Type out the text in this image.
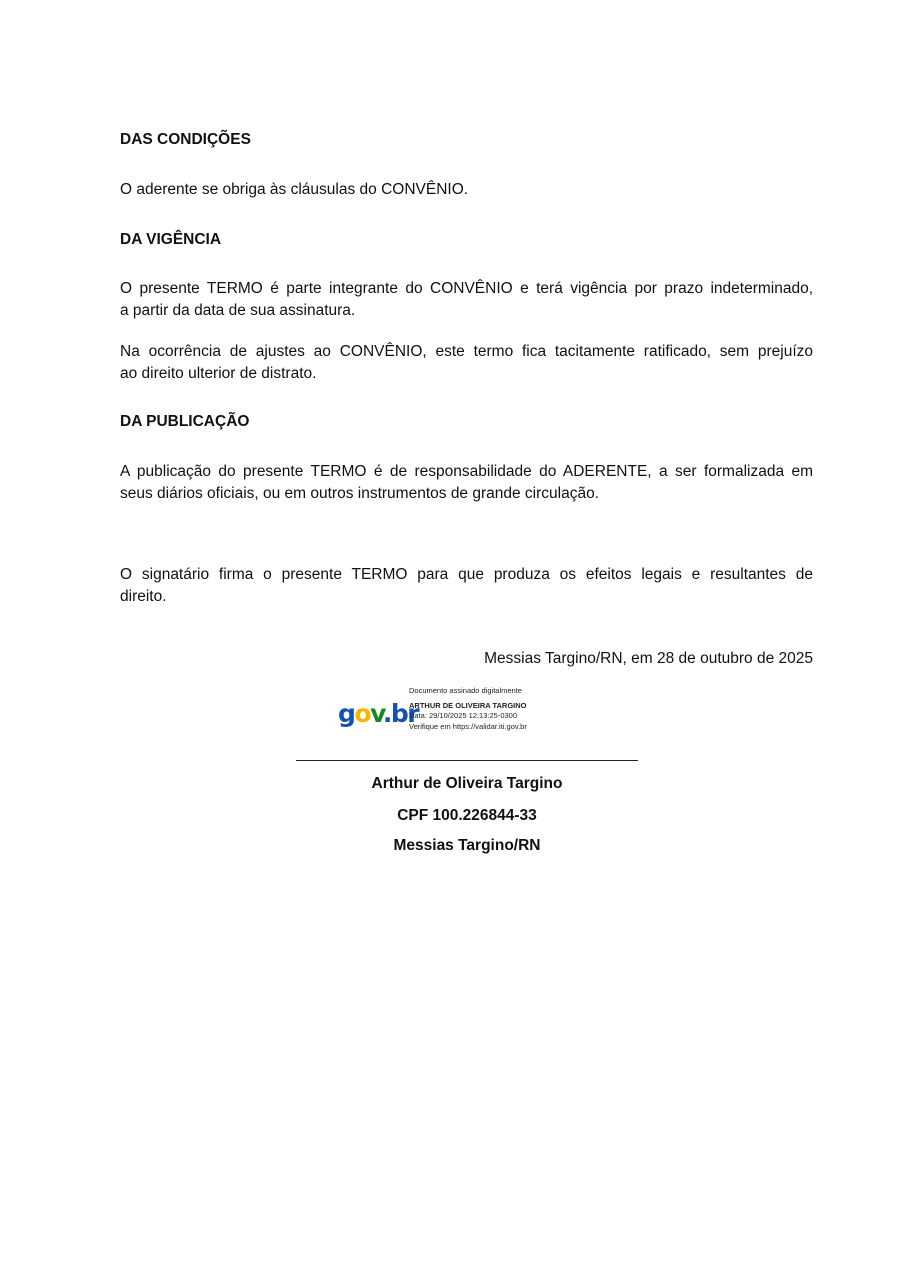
DAS CONDIÇÕES
O aderente se obriga às cláusulas do CONVÊNIO.
DA VIGÊNCIA
O presente TERMO é parte integrante do CONVÊNIO e terá vigência por prazo indeterminado,
a partir da data de sua assinatura.
Na ocorrência de ajustes ao CONVÊNIO, este termo fica tacitamente ratificado, sem prejuízo
ao direito ulterior de distrato.
DA PUBLICAÇÃO
A publicação do presente TERMO é de responsabilidade do ADERENTE, a ser formalizada em
seus diários oficiais, ou em outros instrumentos de grande circulação.
O signatário firma o presente TERMO para que produza os efeitos legais e resultantes de
direito.
Messias Targino/RN, em 28 de outubro de 2025
gov.br
Documento assinado digitalmente
ARTHUR DE OLIVEIRA TARGINO
Data: 29/10/2025 12:13:25-0300
Verifique em https://validar.iti.gov.br
Arthur de Oliveira Targino
CPF 100.226844-33
Messias Targino/RN
